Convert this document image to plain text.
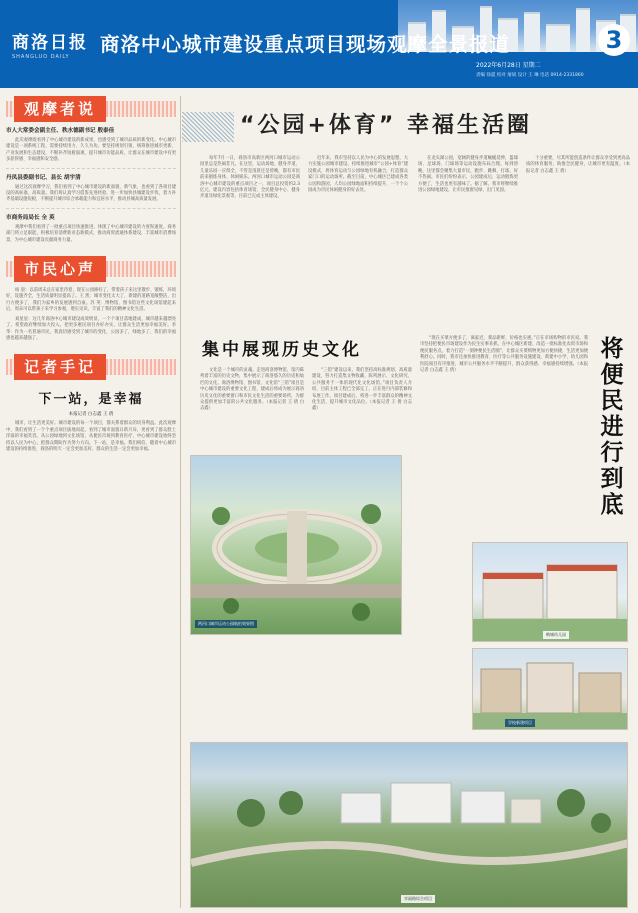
商洛日报
SHANGLUO DAILY
商洛中心城市建设重点项目现场观摩全景报道	3
2022年6月28日 星期二
责编 徐震 校对 屠斌 设计 王 琳 电话 0914-2331860
观摩者说
市人大常委会副主任、秩水德副书记 殷泰佳
此次观摩既看到了中心城市建设的新成果，也感受到了城市品质的新变化。中心城市建设是一项系统工程，需要持续用力、久久为功。要坚持规划引领，统筹推进城市更新、产业发展和生态建设，不断补齐短板弱项，提升城市功能品质，让群众在城市建设中有更多获得感、幸福感和安全感。
丹凤县委副书记、县长 胡宇清
通过这次观摩学习，我们看到了中心城市建设的新面貌、新气象，也看到了各项目建设的高标准、高质量。我们将认真学习借鉴先进经验，进一步加快县城建设步伐，着力补齐基础设施短板，不断提升城市综合承载能力和宜居水平，推动县城高质量发展。
市商务局局长 全 英
观摩中我们看到了一批重点项目快速推进，体现了中心城市建设的力度和速度。商务部门将立足职能，积极培育消费新业态新模式，推动商贸流通体系建设，丰富城市消费场景，为中心城市建设贡献商务力量。
市民心声
杨 晨：以前周末总在家里待着，现在公园修好了，带着孩子来这里散步、锻炼，环境好，设施齐全，生活质量明显提高了。王 凯：城市变化太大了，新建的道路宽敞整洁，出行方便多了，我们为家乡的发展感到自豪。苏 英：博物馆、图书馆这些文化场馆建起来后，周末可以带孩子来学习参观，增长见识，丰富了我们的精神文化生活。
刘星星：这几年商洛中心城市建设成效明显，一个个项目落地建成，城市越来越漂亮了。希望政府继续加大投入，把更多惠民项目办好办实，让群众生活更加幸福美好。李 华：作为一名普通市民，我真切感受到了城市的变化，公园多了，绿地多了，我们的幸福感也越来越强了。
记者手记
下一站，是幸福
本报记者 白志鑫 王 倩
城市，让生活更美好。城市建设的每一个项目，都关系着群众的切身利益。此次观摩中，我们看到了一个个重点项目拔地而起，看到了城市面貌日新月异，更看到了群众脸上洋溢的幸福笑容。从公园绿地到文化场馆，从便民市场到教育医疗，中心城市建设始终坚持以人民为中心，把群众期盼作为努力方向。下一站，是幸福。我们相信，随着中心城市建设的持续推进，商洛的明天一定会更加美好，群众的生活一定会更加幸福。
“公园+体育” 幸福生活圈

每年7月一日，商洛市高新区两河口城市运动公园里总是热闹非凡。在这里，运动场地、健身步道、儿童乐园一应俱全，不管是清晨还是傍晚，都有市民前来锻炼身体、休闲娱乐。两河口城市运动公园是商洛中心城市建设的重点项目之一，项目总投资约2.3亿元，建设内容包括体育场馆、全民健身中心、健身步道及绿化景观等，目前已完成主体建设。

近年来，我市坚持以人民为中心的发展思想，大力实施公园城市建设，持续推进城市“公园+体育”建设模式，将体育运动与公园绿地有机融合，打造群众家门口的运动场所。截至目前，中心城区已建成各类公园和游园，人均公园绿地面积持续提升，一个个公园成为市民休闲健身的好去处。

在龙头湖公园，宽阔的健身步道蜿蜒延伸，篮球场、足球场、门球场等运动设施布局合理。每到傍晚，这里都会聚集大量市民，跑步、跳舞、打球，好不热闹。市民们纷纷表示，公园建成后，运动锻炼更方便了，生活也更有滋味了。据了解，我市将继续推进公园绿地建设，让市民推窗见绿、出门见园。

十分重要，尽其所能创造条件让群众享受到更高品质的体育服务，助推全民健身，让城市更有温度。（本报记者 白志鑫 王 倩）

集中展现历史文化

文化是一个城市的灵魂。走进商洛博物馆，馆内陈列着丰富的历史文物，集中展示了商洛悠久的历史和灿烂的文化。商洛博物馆、图书馆、文化馆“三馆”项目是中心城市建设的重要文化工程，建成后将成为展示商洛历史文化的重要窗口和市民文化生活的重要场所，为群众提供更加丰富的公共文化服务。（本报记者 王 倩 白志鑫）

“三馆”建设以来，我们坚持高标准规划、高质量建设，努力打造集文物收藏、陈列展示、文化研究、公共服务于一体的现代化文化场馆。”项目负责人介绍，目前主体工程已全部完工，正在进行内部装修和布展工作。项目建成后，将进一步丰富群众的精神文化生活，提升城市文化品位。（本报记者 王 倩 白志鑫）

“现在买菜方便多了，离家近，菜品新鲜，价格也实惠。”正在市场购物的市民说。我市坚持把便民市场建设作为民生实事来抓，在中心城区新建、改造一批标准化农贸市场和便民服务点，着力打造“一刻钟便民生活圈”，让群众买菜购物更加方便快捷，生活更加便利舒心。同时，我市还加快推进教育、医疗等公共服务设施建设，新建中小学、幼儿园和医院项目有序推进，城市公共服务水平不断提升，群众获得感、幸福感持续增强。（本报记者 白志鑫 王 倩）

将便民进行到底
两河口城市运动公园航拍效果图
鹤城幼儿园
学校新建项目
幸福路综合项目
